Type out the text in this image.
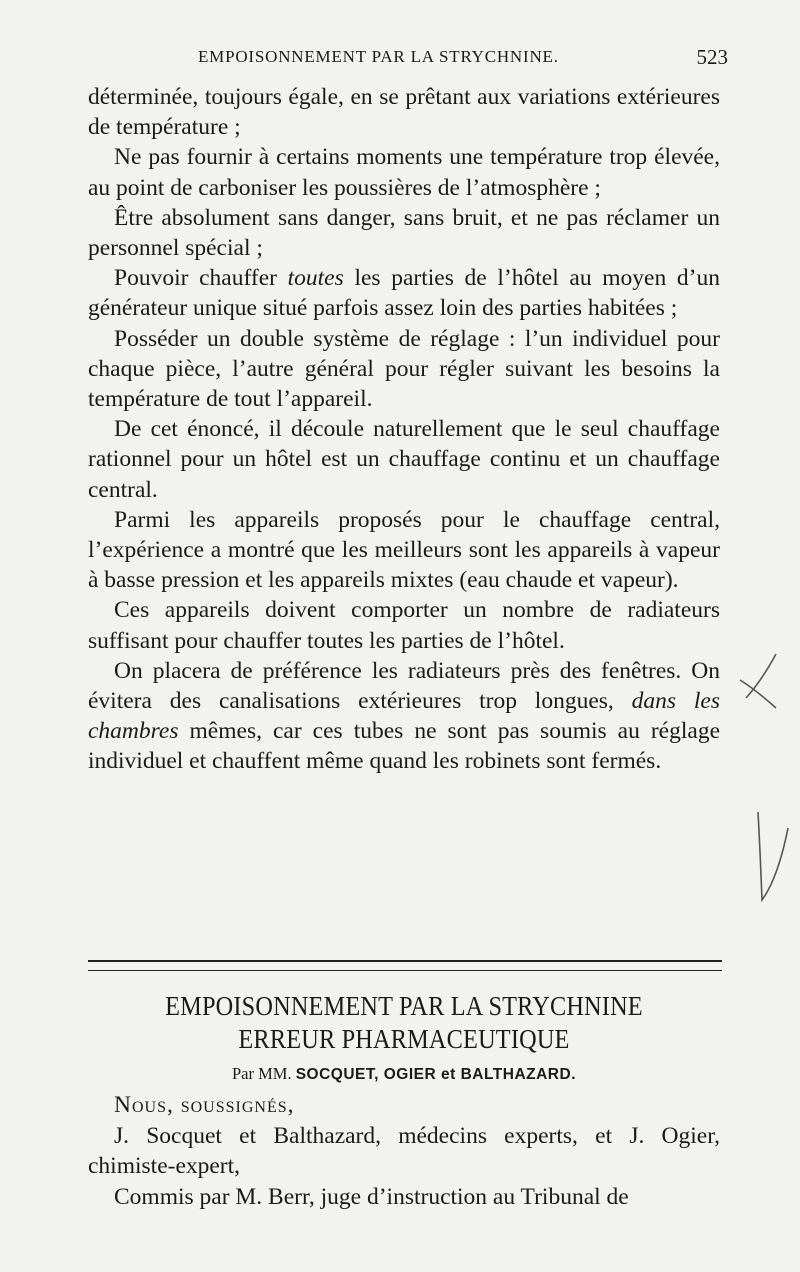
EMPOISONNEMENT PAR LA STRYCHNINE.	523

déterminée, toujours égale, en se prêtant aux variations extérieures de température ;

Ne pas fournir à certains moments une température trop élevée, au point de carboniser les poussières de l’atmosphère ;

Être absolument sans danger, sans bruit, et ne pas réclamer un personnel spécial ;

Pouvoir chauffer toutes les parties de l’hôtel au moyen d’un générateur unique situé parfois assez loin des parties habitées ;

Posséder un double système de réglage : l’un individuel pour chaque pièce, l’autre général pour régler suivant les besoins la température de tout l’appareil.

De cet énoncé, il découle naturellement que le seul chauffage rationnel pour un hôtel est un chauffage continu et un chauffage central.

Parmi les appareils proposés pour le chauffage central, l’expérience a montré que les meilleurs sont les appareils à vapeur à basse pression et les appareils mixtes (eau chaude et vapeur).

Ces appareils doivent comporter un nombre de radiateurs suffisant pour chauffer toutes les parties de l’hôtel.

On placera de préférence les radiateurs près des fenêtres. On évitera des canalisations extérieures trop longues, dans les chambres mêmes, car ces tubes ne sont pas soumis au réglage individuel et chauffent même quand les robinets sont fermés.

EMPOISONNEMENT PAR LA STRYCHNINE
ERREUR PHARMACEUTIQUE
Par MM. SOCQUET, OGIER et BALTHAZARD.

Nous, soussignés,

J. Socquet et Balthazard, médecins experts, et J. Ogier, chimiste-expert,

Commis par M. Berr, juge d’instruction au Tribunal de
